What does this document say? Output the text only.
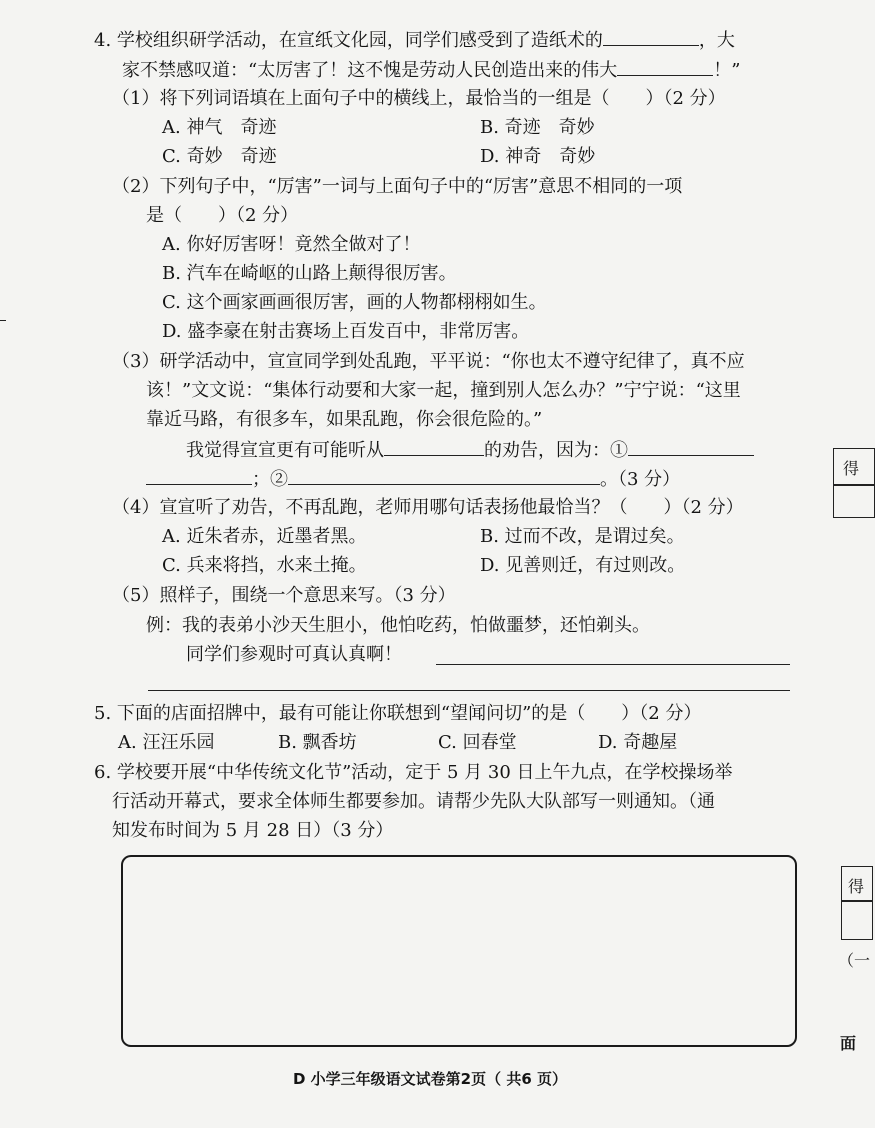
4. 学校组织研学活动，在宣纸文化园，同学们感受到了造纸术的	，大
家不禁感叹道：“太厉害了！这不愧是劳动人民创造出来的伟大	！”
（1）将下列词语填在上面句子中的横线上，最恰当的一组是（　　）（2 分）
A. 神气　奇迹	B. 奇迹　奇妙
C. 奇妙　奇迹	D. 神奇　奇妙
（2）下列句子中，“厉害”一词与上面句子中的“厉害”意思不相同的一项
是（　　）（2 分）
A. 你好厉害呀！竟然全做对了！
B. 汽车在崎岖的山路上颠得很厉害。
C. 这个画家画画很厉害，画的人物都栩栩如生。
D. 盛李豪在射击赛场上百发百中，非常厉害。
（3）研学活动中，宣宣同学到处乱跑，平平说：“你也太不遵守纪律了，真不应
该！”文文说：“集体行动要和大家一起，撞到别人怎么办？”宁宁说：“这里
靠近马路，有很多车，如果乱跑，你会很危险的。”
我觉得宣宣更有可能听从	的劝告，因为：①
；②	。（3 分）
（4）宣宣听了劝告，不再乱跑，老师用哪句话表扬他最恰当？（　　）（2 分）
A. 近朱者赤，近墨者黑。	B. 过而不改，是谓过矣。
C. 兵来将挡，水来土掩。	D. 见善则迁，有过则改。
（5）照样子，围绕一个意思来写。（3 分）
例：我的表弟小沙天生胆小，他怕吃药，怕做噩梦，还怕剃头。
同学们参观时可真认真啊！
5. 下面的店面招牌中，最有可能让你联想到“望闻问切”的是（　　）（2 分）
A. 汪汪乐园	B. 飘香坊	C. 回春堂	D. 奇趣屋
6. 学校要开展“中华传统文化节”活动，定于 5 月 30 日上午九点，在学校操场举
行活动开幕式，要求全体师生都要参加。请帮少先队大队部写一则通知。（通
知发布时间为 5 月 28 日）（3 分）
D 小学三年级语文试卷第2页（ 共6 页）
得
得
（一
面
